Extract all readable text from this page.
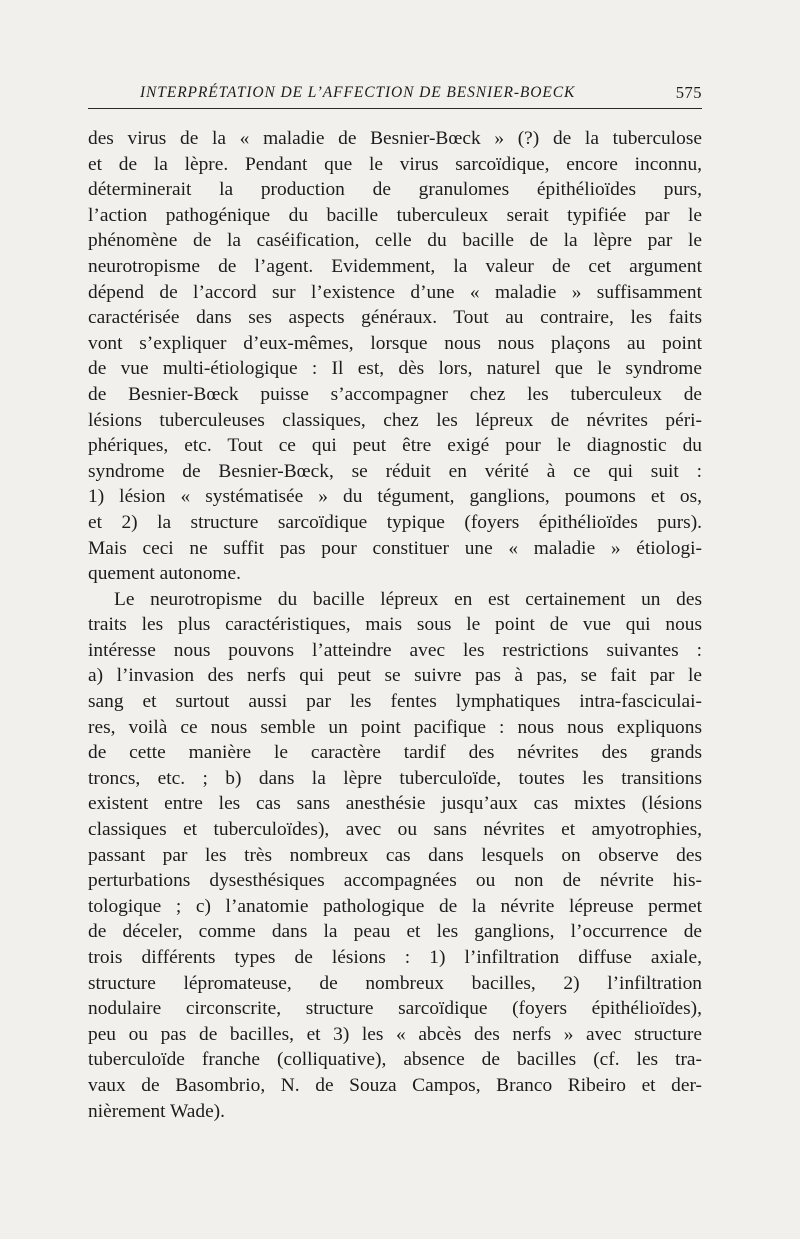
INTERPRÉTATION DE L’AFFECTION DE BESNIER-BOECK	575
des virus de la « maladie de Besnier-Bœck » (?) de la tuberculose
et de la lèpre. Pendant que le virus sarcoïdique, encore inconnu,
déterminerait la production de granulomes épithélioïdes purs,
l’action pathogénique du bacille tuberculeux serait typifiée par le
phénomène de la caséification, celle du bacille de la lèpre par le
neurotropisme de l’agent. Evidemment, la valeur de cet argument
dépend de l’accord sur l’existence d’une « maladie » suffisamment
caractérisée dans ses aspects généraux. Tout au contraire, les faits
vont s’expliquer d’eux-mêmes, lorsque nous nous plaçons au point
de vue multi-étiologique : Il est, dès lors, naturel que le syndrome
de Besnier-Bœck puisse s’accompagner chez les tuberculeux de
lésions tuberculeuses classiques, chez les lépreux de névrites péri-
phériques, etc. Tout ce qui peut être exigé pour le diagnostic du
syndrome de Besnier-Bœck, se réduit en vérité à ce qui suit :
1) lésion « systématisée » du tégument, ganglions, poumons et os,
et 2) la structure sarcoïdique typique (foyers épithélioïdes purs).
Mais ceci ne suffit pas pour constituer une « maladie » étiologi-
quement autonome.
Le neurotropisme du bacille lépreux en est certainement un des
traits les plus caractéristiques, mais sous le point de vue qui nous
intéresse nous pouvons l’atteindre avec les restrictions suivantes :
a) l’invasion des nerfs qui peut se suivre pas à pas, se fait par le
sang et surtout aussi par les fentes lymphatiques intra-fasciculai-
res, voilà ce nous semble un point pacifique : nous nous expliquons
de cette manière le caractère tardif des névrites des grands
troncs, etc. ; b) dans la lèpre tuberculoïde, toutes les transitions
existent entre les cas sans anesthésie jusqu’aux cas mixtes (lésions
classiques et tuberculoïdes), avec ou sans névrites et amyotrophies,
passant par les très nombreux cas dans lesquels on observe des
perturbations dysesthésiques accompagnées ou non de névrite his-
tologique ; c) l’anatomie pathologique de la névrite lépreuse permet
de déceler, comme dans la peau et les ganglions, l’occurrence de
trois différents types de lésions : 1) l’infiltration diffuse axiale,
structure lépromateuse, de nombreux bacilles, 2) l’infiltration
nodulaire circonscrite, structure sarcoïdique (foyers épithélioïdes),
peu ou pas de bacilles, et 3) les « abcès des nerfs » avec structure
tuberculoïde franche (colliquative), absence de bacilles (cf. les tra-
vaux de Basombrio, N. de Souza Campos, Branco Ribeiro et der-
nièrement Wade).
